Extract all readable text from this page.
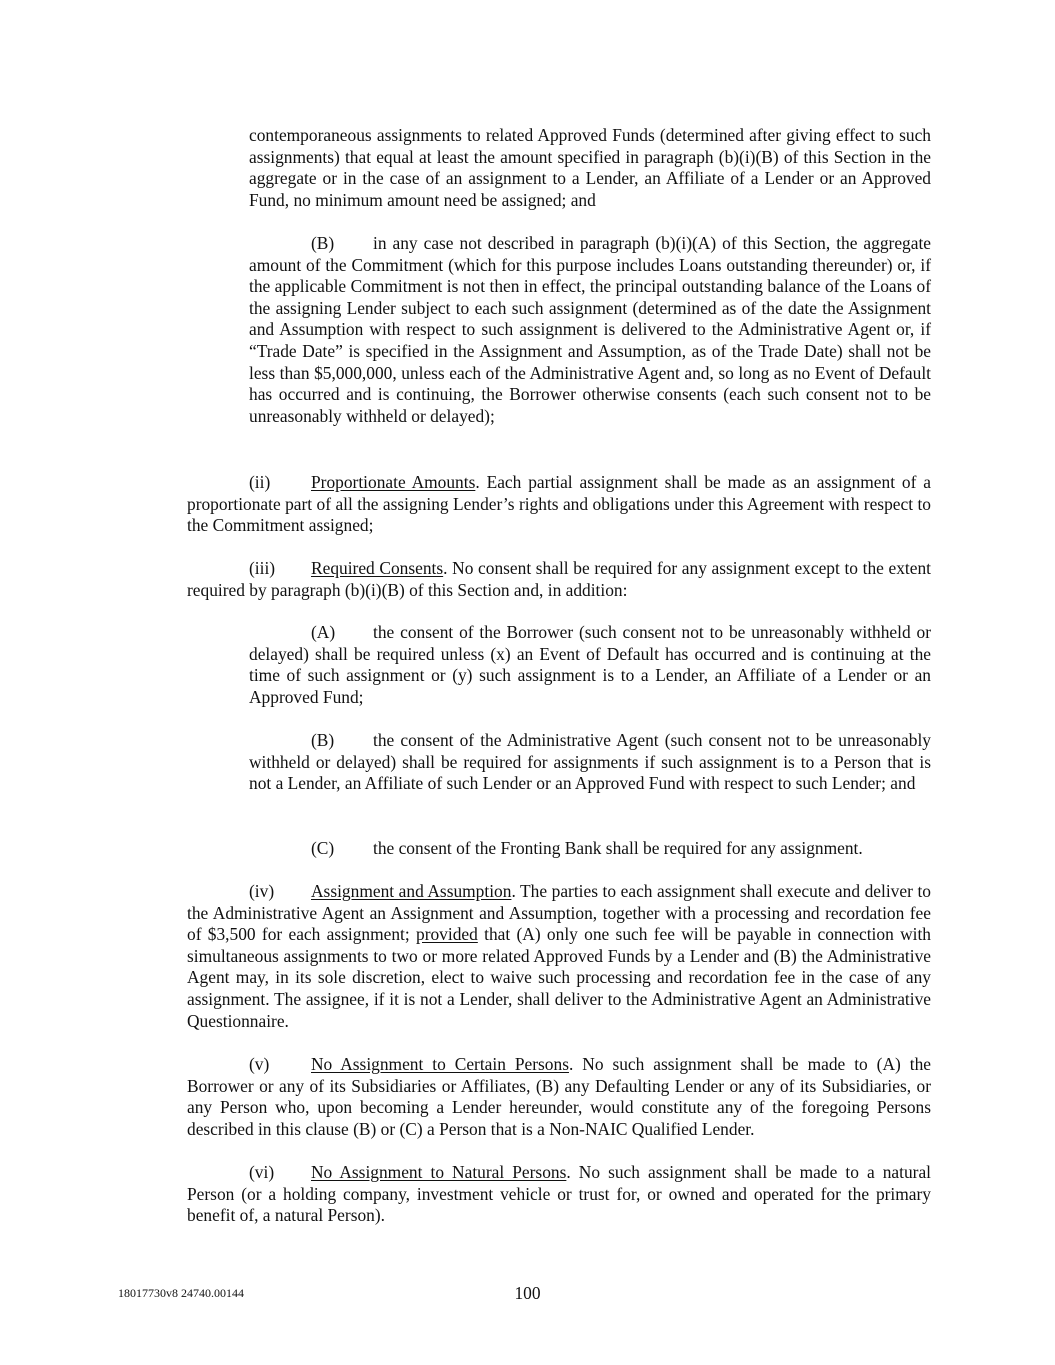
contemporaneous assignments to related Approved Funds (determined after giving effect to such assignments) that equal at least the amount specified in paragraph (b)(i)(B) of this Section in the aggregate or in the case of an assignment to a Lender, an Affiliate of a Lender or an Approved Fund, no minimum amount need be assigned; and

(B) in any case not described in paragraph (b)(i)(A) of this Section, the aggregate amount of the Commitment (which for this purpose includes Loans outstanding thereunder) or, if the applicable Commitment is not then in effect, the principal outstanding balance of the Loans of the assigning Lender subject to each such assignment (determined as of the date the Assignment and Assumption with respect to such assignment is delivered to the Administrative Agent or, if “Trade Date” is specified in the Assignment and Assumption, as of the Trade Date) shall not be less than $5,000,000, unless each of the Administrative Agent and, so long as no Event of Default has occurred and is continuing, the Borrower otherwise consents (each such consent not to be unreasonably withheld or delayed);

(ii) Proportionate Amounts. Each partial assignment shall be made as an assignment of a proportionate part of all the assigning Lender’s rights and obligations under this Agreement with respect to the Commitment assigned;

(iii) Required Consents. No consent shall be required for any assignment except to the extent required by paragraph (b)(i)(B) of this Section and, in addition:

(A) the consent of the Borrower (such consent not to be unreasonably withheld or delayed) shall be required unless (x) an Event of Default has occurred and is continuing at the time of such assignment or (y) such assignment is to a Lender, an Affiliate of a Lender or an Approved Fund;

(B) the consent of the Administrative Agent (such consent not to be unreasonably withheld or delayed) shall be required for assignments if such assignment is to a Person that is not a Lender, an Affiliate of such Lender or an Approved Fund with respect to such Lender; and

(C) the consent of the Fronting Bank shall be required for any assignment.

(iv) Assignment and Assumption. The parties to each assignment shall execute and deliver to the Administrative Agent an Assignment and Assumption, together with a processing and recordation fee of $3,500 for each assignment; provided that (A) only one such fee will be payable in connection with simultaneous assignments to two or more related Approved Funds by a Lender and (B) the Administrative Agent may, in its sole discretion, elect to waive such processing and recordation fee in the case of any assignment. The assignee, if it is not a Lender, shall deliver to the Administrative Agent an Administrative Questionnaire.

(v) No Assignment to Certain Persons. No such assignment shall be made to (A) the Borrower or any of its Subsidiaries or Affiliates, (B) any Defaulting Lender or any of its Subsidiaries, or any Person who, upon becoming a Lender hereunder, would constitute any of the foregoing Persons described in this clause (B) or (C) a Person that is a Non-NAIC Qualified Lender.

(vi) No Assignment to Natural Persons. No such assignment shall be made to a natural Person (or a holding company, investment vehicle or trust for, or owned and operated for the primary benefit of, a natural Person).

18017730v8 24740.00144	100
